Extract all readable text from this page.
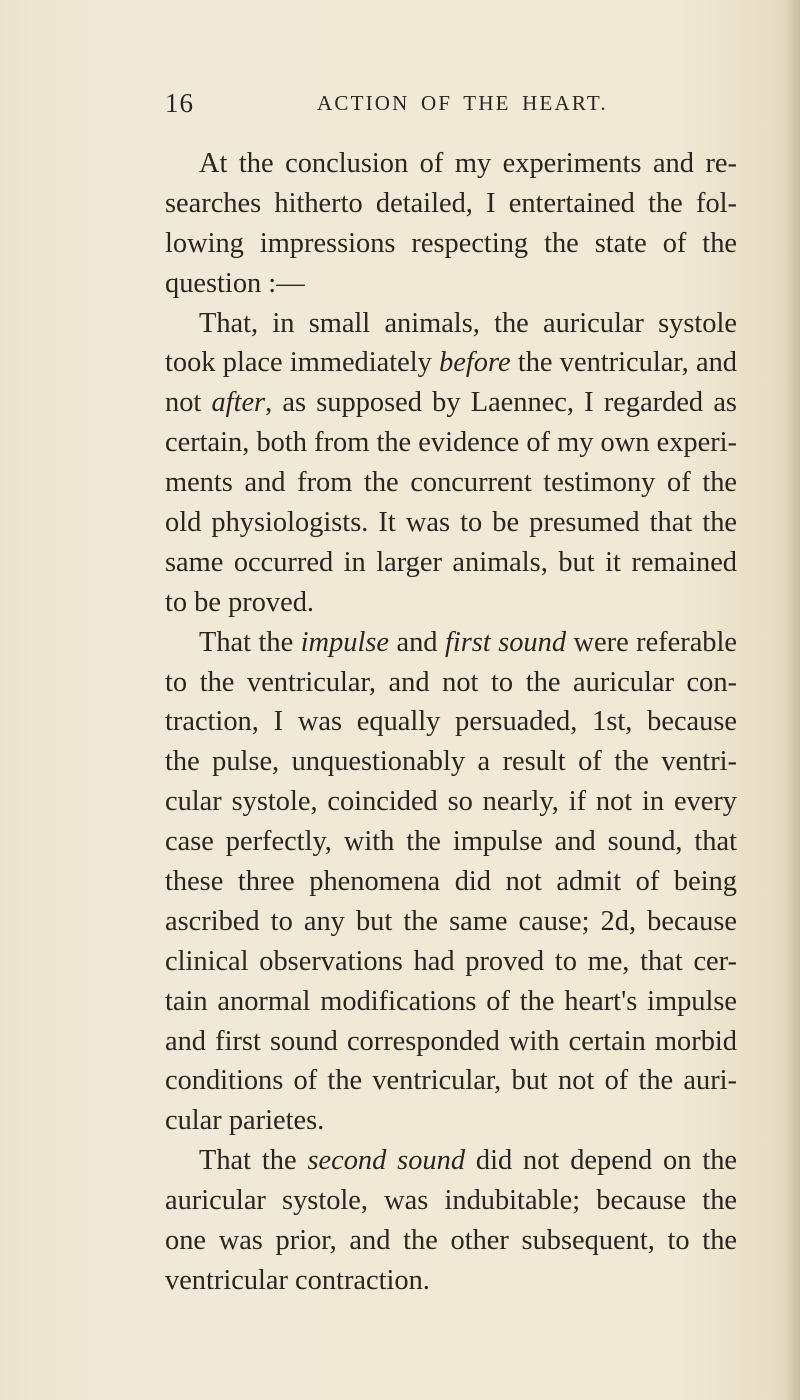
16	ACTION OF THE HEART.
At the conclusion of my experiments and re-
searches hitherto detailed, I entertained the fol-
lowing impressions respecting the state of the
question :—
That, in small animals, the auricular systole
took place immediately before the ventricular, and
not after, as supposed by Laennec, I regarded as
certain, both from the evidence of my own experi-
ments and from the concurrent testimony of the
old physiologists. It was to be presumed that the
same occurred in larger animals, but it remained
to be proved.
That the impulse and first sound were referable
to the ventricular, and not to the auricular con-
traction, I was equally persuaded, 1st, because
the pulse, unquestionably a result of the ventri-
cular systole, coincided so nearly, if not in every
case perfectly, with the impulse and sound, that
these three phenomena did not admit of being
ascribed to any but the same cause; 2d, because
clinical observations had proved to me, that cer-
tain anormal modifications of the heart's impulse
and first sound corresponded with certain morbid
conditions of the ventricular, but not of the auri-
cular parietes.
That the second sound did not depend on the
auricular systole, was indubitable; because the
one was prior, and the other subsequent, to the
ventricular contraction.
